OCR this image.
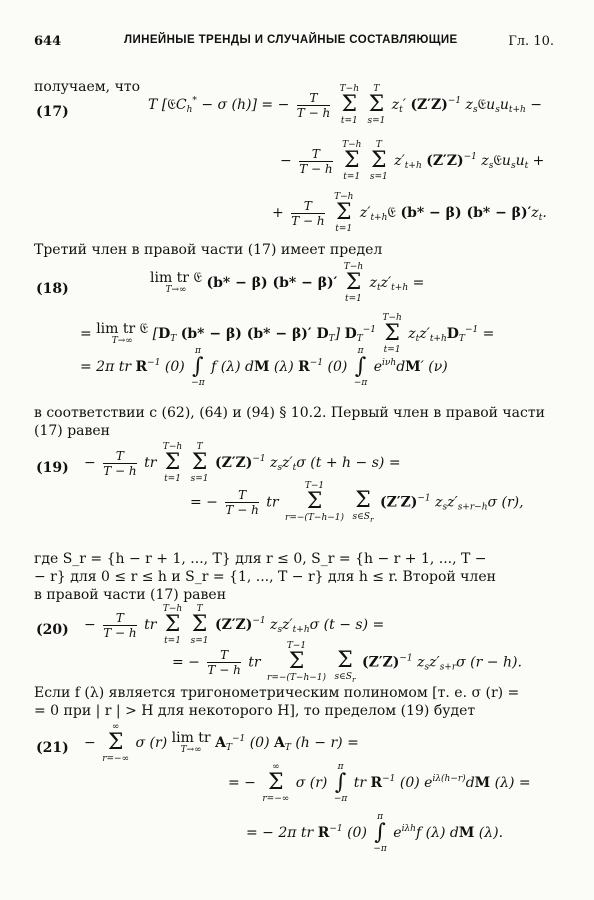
644	ЛИНЕЙНЫЕ ТРЕНДЫ И СЛУЧАЙНЫЕ СОСТАВЛЯЮЩИЕ	Гл. 10.
получаем, что
(17)	T [𝔈C$_h$* − σ (h)] = − $\frac{T}{T - h}$

T−h
Σ
t=1

T
Σ
s=1
$z_t'$ $(Z'Z)^{-1}$ $z_s𝔈u_su_{t+h}$ −
− $\frac{T}{T - h}$

T−h
Σ
t=1

T
Σ
s=1
$z'_{t+h}$ $(Z'Z)^{-1}$ $z_s𝔈u_su_t$ +
+ $\frac{T}{T - h}$

T−h
Σ
t=1
$z'_{t+h}𝔈$ (b* − β) $(b* - \beta)'z_t$.
Третий член в правой части (17) имеет предел
(18)
lim tr 𝔈
T→∞	(b* − β) (b* − β)′
T−h
Σ
t=1
$z_tz'_{t+h}$ =
= lim tr 𝔈
T→∞	[$D_T$ (b* − β) (b* − β)′ $D_T$] $D_T^{-1}$
T−h
Σ
t=1
$z_tz'_{t+h}D_T^{-1}$ =
= 2π tr $R^{-1}$ (0)
π
∫
−π
f (λ) dM (λ) $R^{-1}$ (0)
π
∫
−π
$e^{i\nu h}dM'$ (ν)
в соответствии с (62), (64) и (94) § 10.2. Первый член в правой части
(17) равен
$(19) - \frac{T}{T - h}$ tr
T−h
Σ
t=1

T
Σ
s=1
$(Z'Z)^{-1}$ $z_sz'_t\sigma$ (t + h − s) =
= − $\frac{T}{T - h}$ tr
T−1
Σ
r=−(T−h−1)

Σ
$s\in S_r$
$(Z'Z)^{-1}$ $z_sz'_{s+r-h}\sigma$ (r),
где S_r = {h − r + 1, ..., T} для r ≤ 0, S_r = {h − r + 1, ..., T −
− r} для 0 ≤ r ≤ h и S_r = {1, ..., T − r} для h ≤ r. Второй член
в правой части (17) равен
$(20) - \frac{T}{T - h}$ tr
T−h
Σ
t=1

T
Σ
s=1
$(Z'Z)^{-1}$ $z_sz'_{t+h}\sigma$ (t − s) =
= − $\frac{T}{T - h}$ tr
T−1
Σ
r=−(T−h−1)

Σ
$s\in S_r$
$(Z'Z)^{-1}$ $z_sz'_{s+r}\sigma$ (r − h).
Если f (λ) является тригонометрическим полиномом [т. е. σ (r) =
= 0 при | r | > H для некоторого H], то пределом (19) будет
(21) −
∞
Σ
r=−∞
σ (r) lim tr
T→∞ $A_T^{-1}$ (0) $A_T$ (h − r) =
= −
∞
Σ
r=−∞
σ (r)
π
∫
−π
tr $R^{-1}$ (0) $e^{i\lambda(h-r)}dM$ (λ) =
= − 2π tr $R^{-1}$ (0)
π
∫
−π
$e^{i\lambda h}f$ (λ) dM (λ).
